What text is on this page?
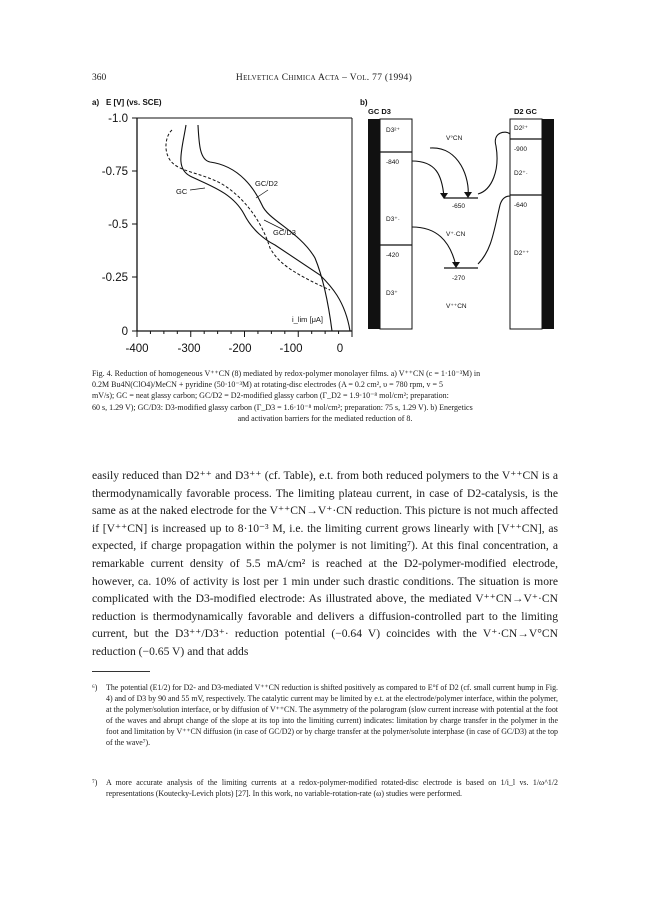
360	Helvetica Chimica Acta – Vol. 77 (1994)
a) E [V] (vs. SCE)
-1.0
-0.75
-0.5
-0.25
0
-400	-300 -200 -100	0
GC
GC/D2
GC/D3
i_lim [μA]
b)
GC D3	D2 GC
D3²⁺
-840
D3⁺·
-420
D3⁺
D2²⁺
-900
D2⁺·
-640
D2⁺⁺
V°CN
-650
V⁺·CN
-270
V⁺⁺CN
Fig. 4. Reduction of homogeneous V⁺⁺CN (8) mediated by redox-polymer monolayer films. a) V⁺⁺CN (c = 1·10⁻³M) in
0.2M Bu4N(ClO4)/MeCN + pyridine (50·10⁻³M) at rotating-disc electrodes (A = 0.2 cm², υ = 780 rpm, v = 5
mV/s); GC = neat glassy carbon; GC/D2 = D2-modified glassy carbon (Γ_D2 = 1.9·10⁻⁸ mol/cm²; preparation:
60 s, 1.29 V); GC/D3: D3-modified glassy carbon (Γ_D3 = 1.6·10⁻⁸ mol/cm²; preparation: 75 s, 1.29 V). b) Energetics
and activation barriers for the mediated reduction of 8.
easily reduced than D2⁺⁺ and D3⁺⁺ (cf. Table), e.t. from both reduced polymers to the V⁺⁺CN is a thermodynamically favorable process. The limiting plateau current, in case of D2-catalysis, is the same as at the naked electrode for the V⁺⁺CN→V⁺·CN reduction. This picture is not much affected if [V⁺⁺CN] is increased up to 8·10⁻³ M, i.e. the limiting current grows linearly with [V⁺⁺CN], as expected, if charge propagation within the polymer is not limiting⁷). At this final concentration, a remarkable current density of 5.5 mA/cm² is reached at the D2-polymer-modified electrode, however, ca. 10% of activity is lost per 1 min under such drastic conditions. The situation is more complicated with the D3-modified electrode: As illustrated above, the mediated V⁺⁺CN→V⁺·CN reduction is thermodynamically favorable and delivers a diffusion-controlled part to the limiting current, but the D3⁺⁺/D3⁺· reduction potential (−0.64 V) coincides with the V⁺·CN→V°CN reduction (−0.65 V) and that adds
⁶) The potential (E1/2) for D2- and D3-mediated V⁺⁺CN reduction is shifted positively as compared to E°f of D2 (cf. small current hump in Fig. 4) and of D3 by 90 and 55 mV, respectively. The catalytic current may be limited by e.t. at the electrode/polymer interface, within the polymer, at the polymer/solution interface, or by diffusion of V⁺⁺CN. The asymmetry of the polarogram (slow current increase with potential at the foot of the waves and abrupt change of the slope at its top into the limiting current) indicates: limitation by charge transfer in the polymer in the foot and limitation by V⁺⁺CN diffusion (in case of GC/D2) or by charge transfer at the polymer/solute interphase (in case of GC/D3) at the top of the wave⁷).
⁷) A more accurate analysis of the limiting currents at a redox-polymer-modified rotated-disc electrode is based on 1/i_l vs. 1/ω^1/2 representations (Koutecky-Levich plots) [27]. In this work, no variable-rotation-rate (ω) studies were performed.
